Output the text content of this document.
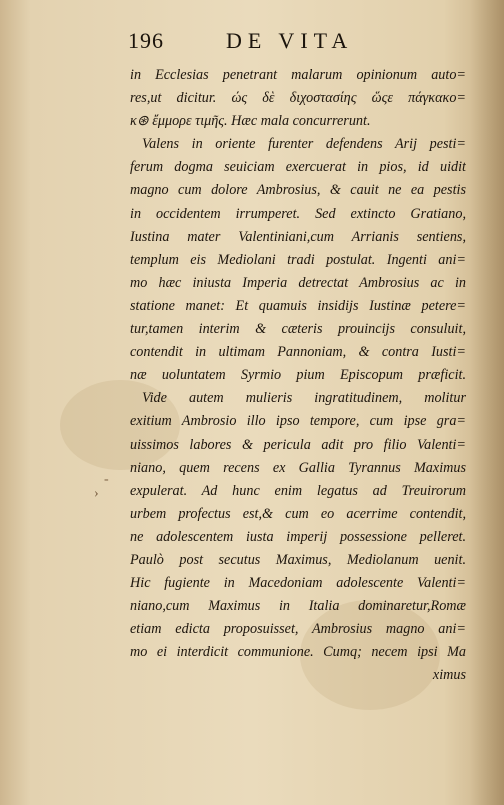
196	DE VITA
-
›
in Ecclesias penetrant malarum opinionum auto=
res,ut dicitur. ώς δὲ διχοστασίης ὥςε πάγκακο=
κ⊛ ἔμμορε τιμῆς. Hæc mala concurrerunt.
Valens in oriente furenter defendens Arij pesti=
ferum dogma seuiciam exercuerat in pios, id uidit
magno cum dolore Ambrosius, & cauit ne ea pestis
in occidentem irrumperet. Sed extincto Gratiano,
Iustina mater Valentiniani,cum Arrianis sentiens,
templum eis Mediolani tradi postulat. Ingenti ani=
mo hæc iniusta Imperia detrectat Ambrosius ac in
statione manet: Et quamuis insidijs Iustinæ petere=
tur,tamen interim & cæteris prouincijs consuluit,
contendit in ultimam Pannoniam, & contra Iusti=
næ uoluntatem Syrmio pium Episcopum præficit.
Vide autem mulieris ingratitudinem, molitur
exitium Ambrosio illo ipso tempore, cum ipse gra=
uissimos labores & pericula adit pro filio Valenti=
niano, quem recens ex Gallia Tyrannus Maximus
expulerat. Ad hunc enim legatus ad Treuirorum
urbem profectus est,& cum eo acerrime contendit,
ne adolescentem iusta imperij possessione pelleret.
Paulò post secutus Maximus, Mediolanum uenit.
Hic fugiente in Macedoniam adolescente Valenti=
niano,cum Maximus in Italia dominaretur,Romæ
etiam edicta proposuisset, Ambrosius magno ani=
mo ei interdicit communione. Cumq; necem ipsi Ma
ximus
